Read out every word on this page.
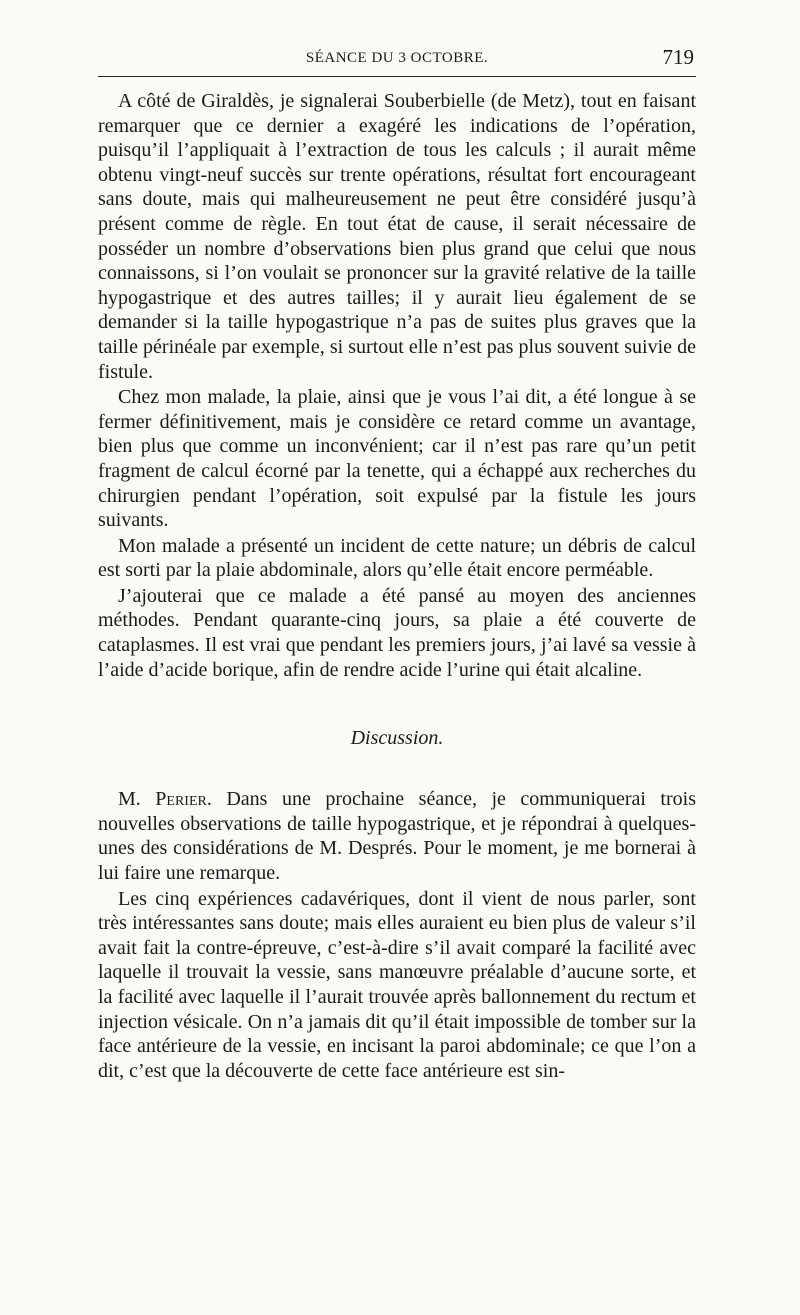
SÉANCE DU 3 OCTOBRE.	719

A côté de Giraldès, je signalerai Souberbielle (de Metz), tout en faisant remarquer que ce dernier a exagéré les indications de l’opération, puisqu’il l’appliquait à l’extraction de tous les calculs ; il aurait même obtenu vingt-neuf succès sur trente opérations, résultat fort encourageant sans doute, mais qui malheureusement ne peut être considéré jusqu’à présent comme de règle. En tout état de cause, il serait nécessaire de posséder un nombre d’observations bien plus grand que celui que nous connaissons, si l’on voulait se prononcer sur la gravité relative de la taille hypogastrique et des autres tailles; il y aurait lieu également de se demander si la taille hypogastrique n’a pas de suites plus graves que la taille périnéale par exemple, si surtout elle n’est pas plus souvent suivie de fistule.

Chez mon malade, la plaie, ainsi que je vous l’ai dit, a été longue à se fermer définitivement, mais je considère ce retard comme un avantage, bien plus que comme un inconvénient; car il n’est pas rare qu’un petit fragment de calcul écorné par la tenette, qui a échappé aux recherches du chirurgien pendant l’opération, soit expulsé par la fistule les jours suivants.

Mon malade a présenté un incident de cette nature; un débris de calcul est sorti par la plaie abdominale, alors qu’elle était encore perméable.

J’ajouterai que ce malade a été pansé au moyen des anciennes méthodes. Pendant quarante-cinq jours, sa plaie a été couverte de cataplasmes. Il est vrai que pendant les premiers jours, j’ai lavé sa vessie à l’aide d’acide borique, afin de rendre acide l’urine qui était alcaline.

Discussion.

M. Perier. Dans une prochaine séance, je communiquerai trois nouvelles observations de taille hypogastrique, et je répondrai à quelques-unes des considérations de M. Després. Pour le moment, je me bornerai à lui faire une remarque.

Les cinq expériences cadavériques, dont il vient de nous parler, sont très intéressantes sans doute; mais elles auraient eu bien plus de valeur s’il avait fait la contre-épreuve, c’est-à-dire s’il avait comparé la facilité avec laquelle il trouvait la vessie, sans manœuvre préalable d’aucune sorte, et la facilité avec laquelle il l’aurait trouvée après ballonnement du rectum et injection vésicale. On n’a jamais dit qu’il était impossible de tomber sur la face antérieure de la vessie, en incisant la paroi abdominale; ce que l’on a dit, c’est que la découverte de cette face antérieure est sin-
